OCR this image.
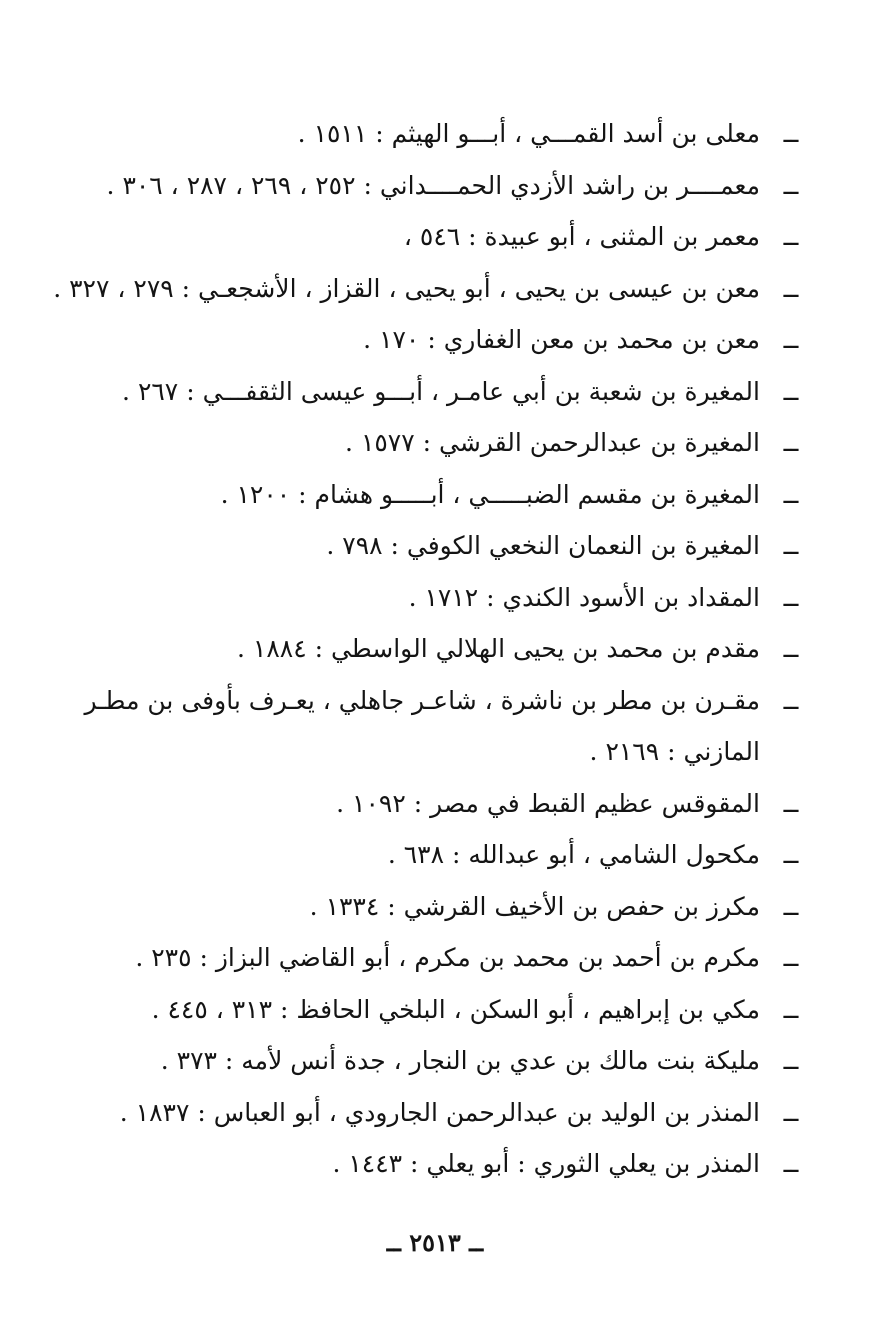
ــ
معلى بن أسد القمـــي ، أبـــو الهيثم : ١٥١١ .
ــ
معمــــر بن راشد الأزدي الحمــــداني : ٢٥٢ ، ٢٦٩ ، ٢٨٧ ، ٣٠٦ .
ــ
معمر بن المثنى ، أبو عبيدة : ٥٤٦ ،
ــ
معن بن عيسى بن يحيى ، أبو يحيى ، القزاز ، الأشجعـي : ٢٧٩ ، ٣٢٧ .
ــ
معن بن محمد بن معن الغفاري : ١٧٠ .
ــ
المغيرة بن شعبة بن أبي عامـر ، أبـــو عيسى الثقفـــي : ٢٦٧ .
ــ
المغيرة بن عبدالرحمن القرشي : ١٥٧٧ .
ــ
المغيرة بن مقسم الضبـــــي ، أبـــــو هشام : ١٢٠٠ .
ــ
المغيرة بن النعمان النخعي الكوفي : ٧٩٨ .
ــ
المقداد بن الأسود الكندي : ١٧١٢ .
ــ
مقدم بن محمد بن يحيى الهلالي الواسطي : ١٨٨٤ .
ــ
مقـرن بن مطر بن ناشرة ، شاعـر جاهلي ، يعـرف بأوفى بن مطـر المازني : ٢١٦٩ .
ــ
المقوقس عظيم القبط في مصر : ١٠٩٢ .
ــ
مكحول الشامي ، أبو عبدالله : ٦٣٨ .
ــ
مكرز بن حفص بن الأخيف القرشي : ١٣٣٤ .
ــ
مكرم بن أحمد بن محمد بن مكرم ، أبو القاضي البزاز : ٢٣٥ .
ــ
مكي بن إبراهيم ، أبو السكن ، البلخي الحافظ : ٣١٣ ، ٤٤٥ .
ــ
مليكة بنت مالك بن عدي بن النجار ، جدة أنس لأمه : ٣٧٣ .
ــ
المنذر بن الوليد بن عبدالرحمن الجارودي ، أبو العباس : ١٨٣٧ .
ــ
المنذر بن يعلي الثوري : أبو يعلي : ١٤٤٣ .
ــ ٢٥١٣ ــ
